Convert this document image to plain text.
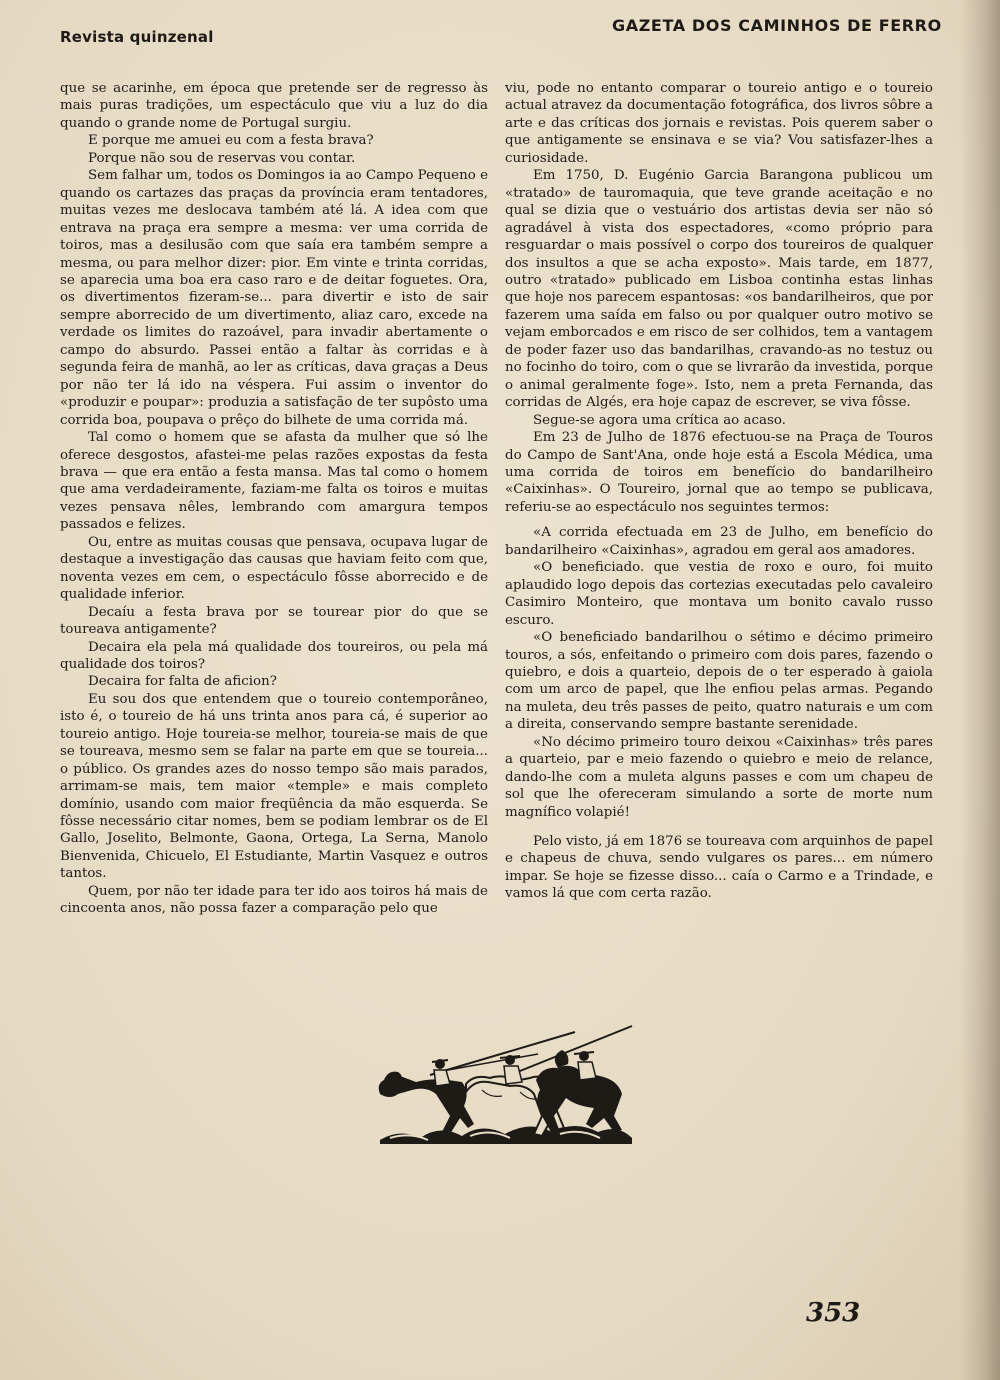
Revista quinzenal
GAZETA DOS CAMINHOS DE FERRO

que se acarinhe, em época que pretende ser de regresso às mais puras tradições, um espectáculo que viu a luz do dia quando o grande nome de Portugal surgiu.

E porque me amuei eu com a festa brava?

Porque não sou de reservas vou contar.

Sem falhar um, todos os Domingos ia ao Campo Pequeno e quando os cartazes das praças da província eram tentadores, muitas vezes me deslocava também até lá. A idea com que entrava na praça era sempre a mesma: ver uma corrida de toiros, mas a desilusão com que saía era também sempre a mesma, ou para melhor dizer: pior. Em vinte e trinta corridas, se aparecia uma boa era caso raro e de deitar foguetes. Ora, os divertimentos fizeram-se... para divertir e isto de sair sempre aborrecido de um divertimento, aliaz caro, excede na verdade os limites do razoável, para invadir abertamente o campo do absurdo. Passei então a faltar às corridas e à segunda feira de manhã, ao ler as críticas, dava graças a Deus por não ter lá ido na véspera. Fui assim o inventor do «produzir e poupar»: produzia a satisfação de ter supôsto uma corrida boa, poupava o prêço do bilhete de uma corrida má.

Tal como o homem que se afasta da mulher que só lhe oferece desgostos, afastei-me pelas razões expostas da festa brava — que era então a festa mansa. Mas tal como o homem que ama verdadeiramente, faziam-me falta os toiros e muitas vezes pensava nêles, lembrando com amargura tempos passados e felizes.

Ou, entre as muitas cousas que pensava, ocupava lugar de destaque a investigação das causas que haviam feito com que, noventa vezes em cem, o espectáculo fôsse aborrecido e de qualidade inferior.

Decaíu a festa brava por se tourear pior do que se toureava antigamente?

Decaira ela pela má qualidade dos toureiros, ou pela má qualidade dos toiros?

Decaira for falta de aficion?

Eu sou dos que entendem que o toureio contemporâneo, isto é, o toureio de há uns trinta anos para cá, é superior ao toureio antigo. Hoje toureia-se melhor, toureia-se mais de que se toureava, mesmo sem se falar na parte em que se toureia... o público. Os grandes azes do nosso tempo são mais parados, arrimam-se mais, tem maior «temple» e mais completo domínio, usando com maior freqüência da mão esquerda. Se fôsse necessário citar nomes, bem se podiam lembrar os de El Gallo, Joselito, Belmonte, Gaona, Ortega, La Serna, Manolo Bienvenida, Chicuelo, El Estudiante, Martin Vasquez e outros tantos.

Quem, por não ter idade para ter ido aos toiros há mais de cincoenta anos, não possa fazer a comparação pelo que

viu, pode no entanto comparar o toureio antigo e o toureio actual atravez da documentação fotográfica, dos livros sôbre a arte e das críticas dos jornais e revistas. Pois querem saber o que antigamente se ensinava e se via? Vou satisfazer-lhes a curiosidade.

Em 1750, D. Eugénio Garcia Barangona publicou um «tratado» de tauromaquia, que teve grande aceitação e no qual se dizia que o vestuário dos artistas devia ser não só agradável à vista dos espectadores, «como próprio para resguardar o mais possível o corpo dos toureiros de qualquer dos insultos a que se acha exposto». Mais tarde, em 1877, outro «tratado» publicado em Lisboa continha estas linhas que hoje nos parecem espantosas: «os bandarilheiros, que por fazerem uma saída em falso ou por qualquer outro motivo se vejam emborcados e em risco de ser colhidos, tem a vantagem de poder fazer uso das bandarilhas, cravando-as no testuz ou no focinho do toiro, com o que se livrarão da investida, porque o animal geralmente foge». Isto, nem a preta Fernanda, das corridas de Algés, era hoje capaz de escrever, se viva fôsse.

Segue-se agora uma crítica ao acaso.

Em 23 de Julho de 1876 efectuou-se na Praça de Touros do Campo de Sant'Ana, onde hoje está a Escola Médica, uma uma corrida de toiros em benefício do bandarilheiro «Caixinhas». O Toureiro, jornal que ao tempo se publicava, referiu-se ao espectáculo nos seguintes termos:

«A corrida efectuada em 23 de Julho, em benefício do bandarilheiro «Caixinhas», agradou em geral aos amadores.

«O beneficiado. que vestia de roxo e ouro, foi muito aplaudido logo depois das cortezias executadas pelo cavaleiro Casimiro Monteiro, que montava um bonito cavalo russo escuro.

«O beneficiado bandarilhou o sétimo e décimo primeiro touros, a sós, enfeitando o primeiro com dois pares, fazendo o quiebro, e dois a quarteio, depois de o ter esperado à gaiola com um arco de papel, que lhe enfiou pelas armas. Pegando na muleta, deu três passes de peito, quatro naturais e um com a direita, conservando sempre bastante serenidade.

«No décimo primeiro touro deixou «Caixinhas» três pares a quarteio, par e meio fazendo o quiebro e meio de relance, dando-lhe com a muleta alguns passes e com um chapeu de sol que lhe ofereceram simulando a sorte de morte num magnífico volapié!

Pelo visto, já em 1876 se toureava com arquinhos de papel e chapeus de chuva, sendo vulgares os pares... em número impar. Se hoje se fizesse disso... caía o Carmo e a Trindade, e vamos lá que com certa razão.

353
